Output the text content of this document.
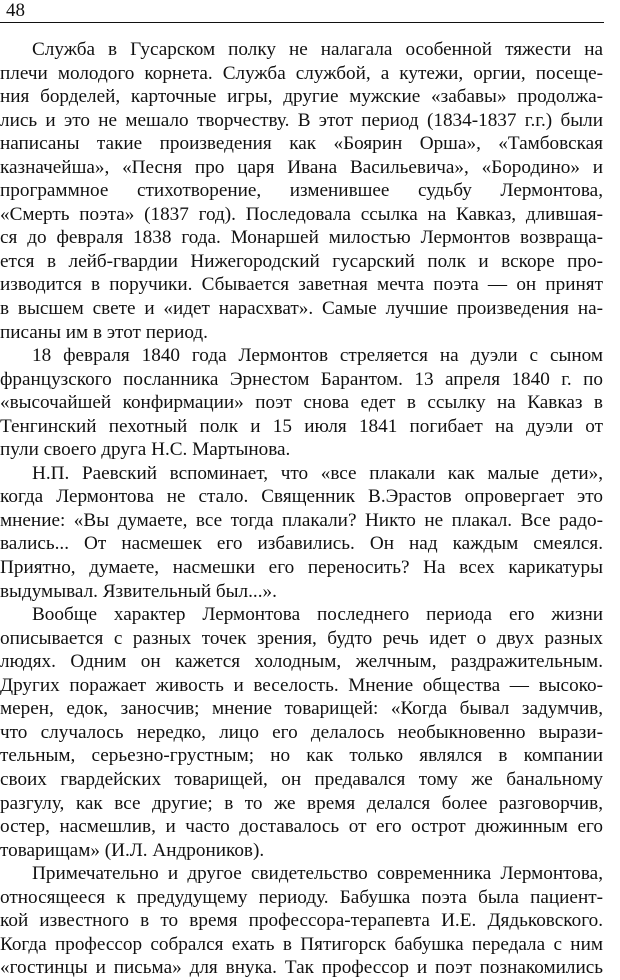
48
Служба в Гусарском полку не налагала особенной тяжести на
плечи молодого корнета. Служба службой, а кутежи, оргии, посеще-
ния борделей, карточные игры, другие мужские «забавы» продолжа-
лись и это не мешало творчеству. В этот период (1834-1837 г.г.) были
написаны такие произведения как «Боярин Орша», «Тамбовская
казначейша», «Песня про царя Ивана Васильевича», «Бородино» и
программное стихотворение, изменившее судьбу Лермонтова,
«Смерть поэта» (1837 год). Последовала ссылка на Кавказ, длившая-
ся до февраля 1838 года. Монаршей милостью Лермонтов возвраща-
ется в лейб-гвардии Нижегородский гусарский полк и вскоре про-
изводится в поручики. Сбывается заветная мечта поэта — он принят
в высшем свете и «идет нарасхват». Самые лучшие произведения на-
писаны им в этот период.
18 февраля 1840 года Лермонтов стреляется на дуэли с сыном
французского посланника Эрнестом Барантом. 13 апреля 1840 г. по
«высочайшей конфирмации» поэт снова едет в ссылку на Кавказ в
Тенгинский пехотный полк и 15 июля 1841 погибает на дуэли от
пули своего друга Н.С. Мартынова.
Н.П. Раевский вспоминает, что «все плакали как малые дети»,
когда Лермонтова не стало. Священник В.Эрастов опровергает это
мнение: «Вы думаете, все тогда плакали? Никто не плакал. Все радо-
вались... От насмешек его избавились. Он над каждым смеялся.
Приятно, думаете, насмешки его переносить? На всех карикатуры
выдумывал. Язвительный был...».
Вообще характер Лермонтова последнего периода его жизни
описывается с разных точек зрения, будто речь идет о двух разных
людях. Одним он кажется холодным, желчным, раздражительным.
Других поражает живость и веселость. Мнение общества — высоко-
мерен, едок, заносчив; мнение товарищей: «Когда бывал задумчив,
что случалось нередко, лицо его делалось необыкновенно вырази-
тельным, серьезно-грустным; но как только являлся в компании
своих гвардейских товарищей, он предавался тому же банальному
разгулу, как все другие; в то же время делался более разговорчив,
остер, насмешлив, и часто доставалось от его острот дюжинным его
товарищам» (И.Л. Андроников).
Примечательно и другое свидетельство современника Лермонтова,
относящееся к предудущему периоду. Бабушка поэта была пациент-
кой известного в то время профессора-терапевта И.Е. Дядьковского.
Когда профессор собрался ехать в Пятигорск бабушка передала с ним
«гостинцы и письма» для внука. Так профессор и поэт познакомились
